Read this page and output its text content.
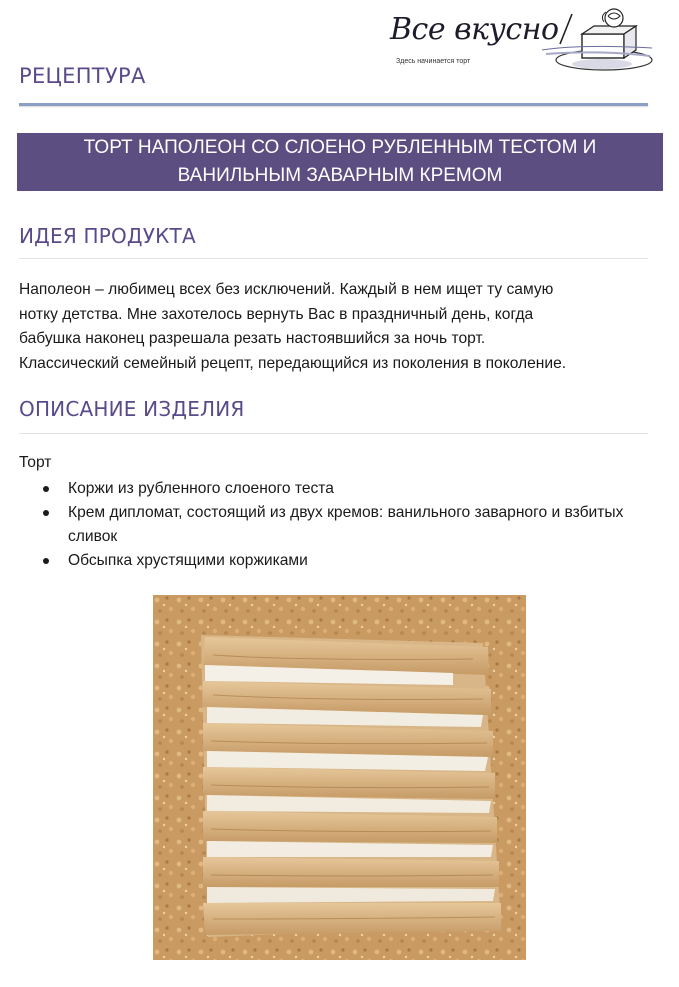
РЕЦЕПТУРА
Все вкусно
Здесь начинается торт
ТОРТ НАПОЛЕОН СО СЛОЕНО РУБЛЕННЫМ ТЕСТОМ И
ВАНИЛЬНЫМ ЗАВАРНЫМ КРЕМОМ
ИДЕЯ ПРОДУКТА
Наполеон – любимец всех без исключений. Каждый в нем ищет ту самую
нотку детства. Мне захотелось вернуть Вас в праздничный день, когда
бабушка наконец разрешала резать настоявшийся за ночь торт.
Классический семейный рецепт, передающийся из поколения в поколение.
ОПИСАНИЕ ИЗДЕЛИЯ
Торт
Коржи из рубленного слоеного теста
Крем дипломат, состоящий из двух кремов: ванильного заварного и взбитых сливок
Обсыпка хрустящими коржиками
